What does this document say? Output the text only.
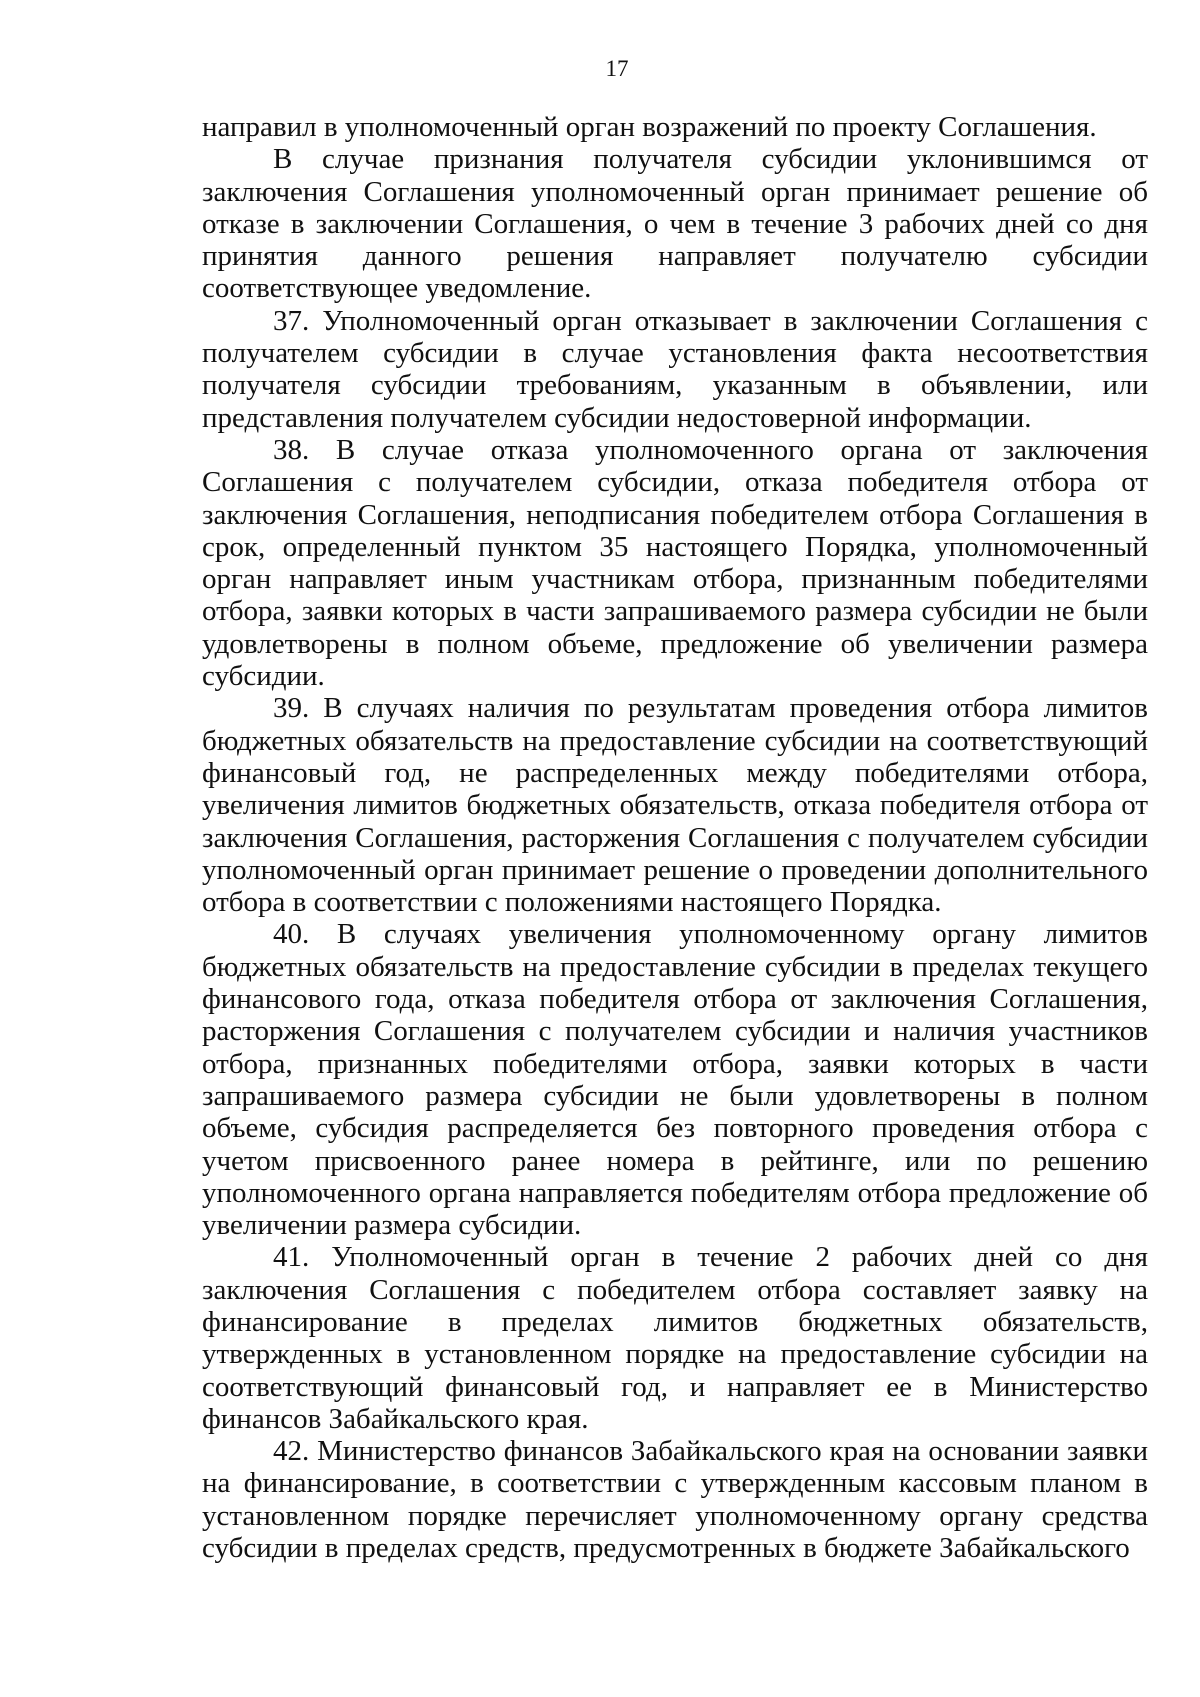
17

направил в уполномоченный орган возражений по проекту Соглашения.

В случае признания получателя субсидии уклонившимся от заключения Соглашения уполномоченный орган принимает решение об отказе в заключении Соглашения, о чем в течение 3 рабочих дней со дня принятия данного решения направляет получателю субсидии соответствующее уведомление.

37. Уполномоченный орган отказывает в заключении Соглашения с получателем субсидии в случае установления факта несоответствия получателя субсидии требованиям, указанным в объявлении, или представления получателем субсидии недостоверной информации.

38. В случае отказа уполномоченного органа от заключения Соглашения с получателем субсидии, отказа победителя отбора от заключения Соглашения, неподписания победителем отбора Соглашения в срок, определенный пунктом 35 настоящего Порядка, уполномоченный орган направляет иным участникам отбора, признанным победителями отбора, заявки которых в части запрашиваемого размера субсидии не были удовлетворены в полном объеме, предложение об увеличении размера субсидии.

39. В случаях наличия по результатам проведения отбора лимитов бюджетных обязательств на предоставление субсидии на соответствующий финансовый год, не распределенных между победителями отбора, увеличения лимитов бюджетных обязательств, отказа победителя отбора от заключения Соглашения, расторжения Соглашения с получателем субсидии уполномоченный орган принимает решение о проведении дополнительного отбора в соответствии с положениями настоящего Порядка.

40. В случаях увеличения уполномоченному органу лимитов бюджетных обязательств на предоставление субсидии в пределах текущего финансового года, отказа победителя отбора от заключения Соглашения, расторжения Соглашения с получателем субсидии и наличия участников отбора, признанных победителями отбора, заявки которых в части запрашиваемого размера субсидии не были удовлетворены в полном объеме, субсидия распределяется без повторного проведения отбора с учетом присвоенного ранее номера в рейтинге, или по решению уполномоченного органа направляется победителям отбора предложение об увеличении размера субсидии.

41. Уполномоченный орган в течение 2 рабочих дней со дня заключения Соглашения с победителем отбора составляет заявку на финансирование в пределах лимитов бюджетных обязательств, утвержденных в установленном порядке на предоставление субсидии на соответствующий финансовый год, и направляет ее в Министерство финансов Забайкальского края.

42. Министерство финансов Забайкальского края на основании заявки на финансирование, в соответствии с утвержденным кассовым планом в установленном порядке перечисляет уполномоченному органу средства субсидии в пределах средств, предусмотренных в бюджете Забайкальского
